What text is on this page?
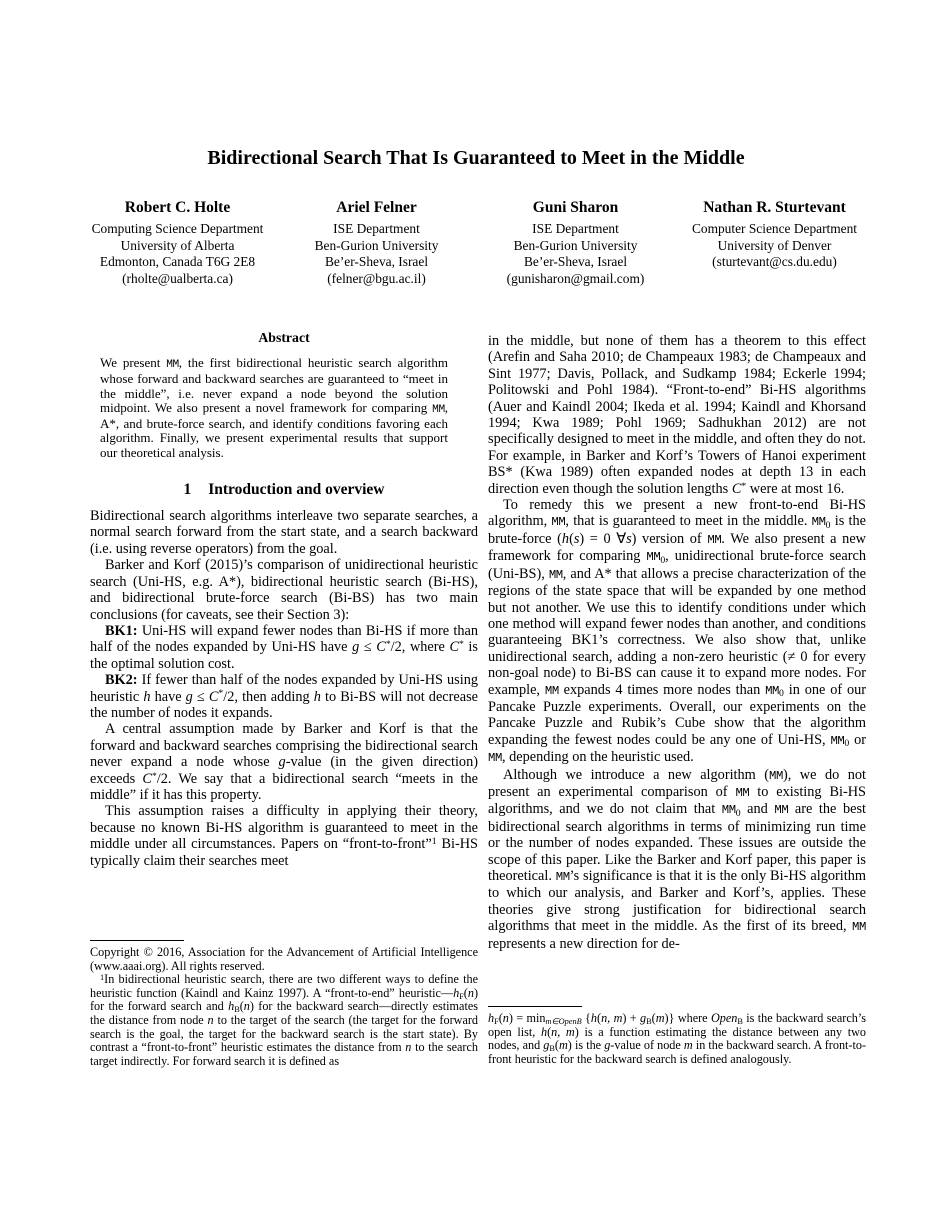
Bidirectional Search That Is Guaranteed to Meet in the Middle
Robert C. Holte
Computing Science Department
University of Alberta
Edmonton, Canada T6G 2E8
(rholte@ualberta.ca)
Ariel Felner
ISE Department
Ben-Gurion University
Be’er-Sheva, Israel
(felner@bgu.ac.il)
Guni Sharon
ISE Department
Ben-Gurion University
Be’er-Sheva, Israel
(gunisharon@gmail.com)
Nathan R. Sturtevant
Computer Science Department
University of Denver
(sturtevant@cs.du.edu)
Abstract

We present MM, the first bidirectional heuristic search algorithm whose forward and backward searches are guaranteed to “meet in the middle”, i.e. never expand a node beyond the solution midpoint. We also present a novel framework for comparing MM, A*, and brute-force search, and identify conditions favoring each algorithm. Finally, we present experimental results that support our theoretical analysis.

1 Introduction and overview

Bidirectional search algorithms interleave two separate searches, a normal search forward from the start state, and a search backward (i.e. using reverse operators) from the goal.

Barker and Korf (2015)’s comparison of unidirectional heuristic search (Uni-HS, e.g. A*), bidirectional heuristic search (Bi-HS), and bidirectional brute-force search (Bi-BS) has two main conclusions (for caveats, see their Section 3):

BK1: Uni-HS will expand fewer nodes than Bi-HS if more than half of the nodes expanded by Uni-HS have g ≤ C*/2, where C* is the optimal solution cost.

BK2: If fewer than half of the nodes expanded by Uni-HS using heuristic h have g ≤ C*/2, then adding h to Bi-BS will not decrease the number of nodes it expands.

A central assumption made by Barker and Korf is that the forward and backward searches comprising the bidirectional search never expand a node whose g-value (in the given direction) exceeds C*/2. We say that a bidirectional search “meets in the middle” if it has this property.

This assumption raises a difficulty in applying their theory, because no known Bi-HS algorithm is guaranteed to meet in the middle under all circumstances. Papers on “front-to-front”$^1$ Bi-HS typically claim their searches meet

Copyright © 2016, Association for the Advancement of Artificial Intelligence (www.aaai.org). All rights reserved.

$^1$In bidirectional heuristic search, there are two different ways to define the heuristic function (Kaindl and Kainz 1997). A “front-to-end” heuristic—hF(n) for the forward search and hB(n) for the backward search—directly estimates the distance from node n to the target of the search (the target for the forward search is the goal, the target for the backward search is the start state). By contrast a “front-to-front” heuristic estimates the distance from n to the search target indirectly. For forward search it is defined as

in the middle, but none of them has a theorem to this effect (Arefin and Saha 2010; de Champeaux 1983; de Champeaux and Sint 1977; Davis, Pollack, and Sudkamp 1984; Eckerle 1994; Politowski and Pohl 1984). “Front-to-end” Bi-HS algorithms (Auer and Kaindl 2004; Ikeda et al. 1994; Kaindl and Khorsand 1994; Kwa 1989; Pohl 1969; Sadhukhan 2012) are not specifically designed to meet in the middle, and often they do not. For example, in Barker and Korf’s Towers of Hanoi experiment BS* (Kwa 1989) often expanded nodes at depth 13 in each direction even though the solution lengths C* were at most 16.

To remedy this we present a new front-to-end Bi-HS algorithm, MM, that is guaranteed to meet in the middle. MM0 is the brute-force (h(s) = 0 ∀s) version of MM. We also present a new framework for comparing MM0, unidirectional brute-force search (Uni-BS), MM, and A* that allows a precise characterization of the regions of the state space that will be expanded by one method but not another. We use this to identify conditions under which one method will expand fewer nodes than another, and conditions guaranteeing BK1’s correctness. We also show that, unlike unidirectional search, adding a non-zero heuristic (≠ 0 for every non-goal node) to Bi-BS can cause it to expand more nodes. For example, MM expands 4 times more nodes than MM0 in one of our Pancake Puzzle experiments. Overall, our experiments on the Pancake Puzzle and Rubik’s Cube show that the algorithm expanding the fewest nodes could be any one of Uni-HS, MM0 or MM, depending on the heuristic used.

Although we introduce a new algorithm (MM), we do not present an experimental comparison of MM to existing Bi-HS algorithms, and we do not claim that MM0 and MM are the best bidirectional search algorithms in terms of minimizing run time or the number of nodes expanded. These issues are outside the scope of this paper. Like the Barker and Korf paper, this paper is theoretical. MM’s significance is that it is the only Bi-HS algorithm to which our analysis, and Barker and Korf’s, applies. These theories give strong justification for bidirectional search algorithms that meet in the middle. As the first of its breed, MM represents a new direction for de-

hF(n) = minm∈OpenB {h(n, m) + gB(m)} where OpenB is the backward search’s open list, h(n, m) is a function estimating the distance between any two nodes, and gB(m) is the g-value of node m in the backward search. A front-to-front heuristic for the backward search is defined analogously.
